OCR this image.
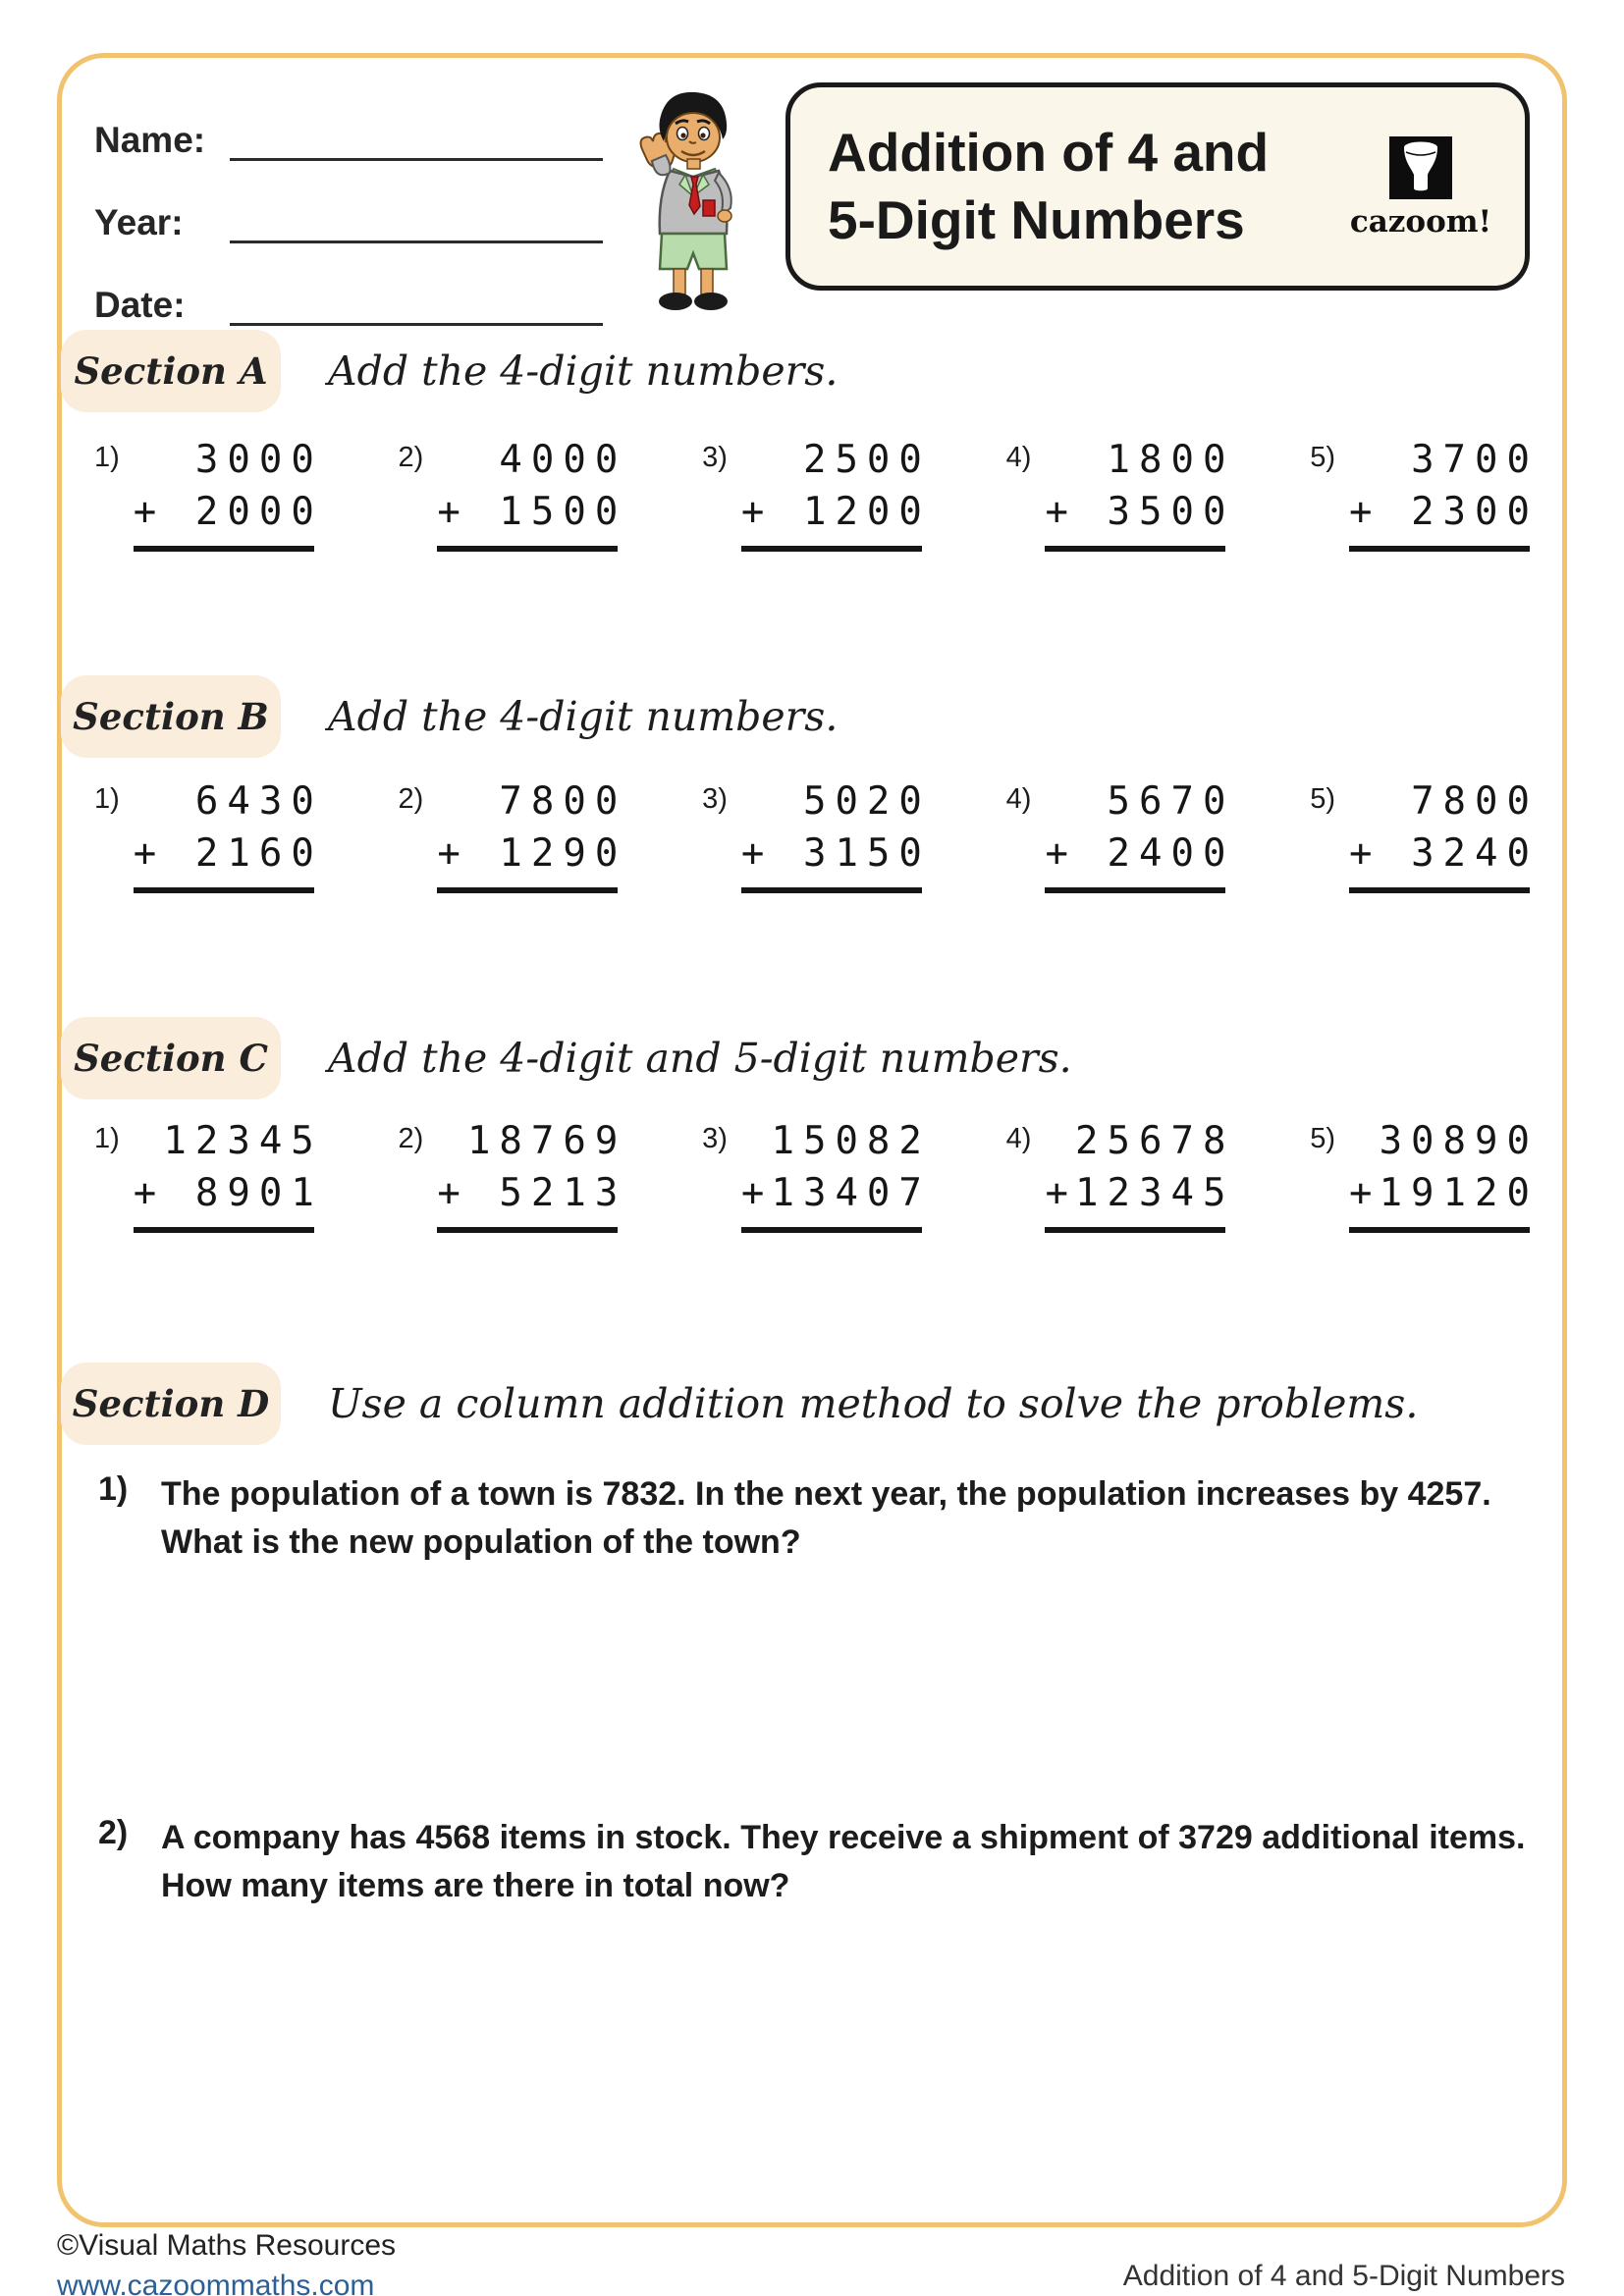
Name:
Year:
Date:
Addition of 4 and
5-Digit Numbers	cazoom!
Section A	Add the 4-digit numbers.
1)	3000
+	2000
2)	4000
+	1500
3)	2500
+	1200
4)	1800
+	3500
5)	3700
+	2300
Section B Add the 4-digit numbers.
1)	6430
+	2160
2)	7800
+	1290
3)	5020
+	3150
4)	5670
+	2400
5)	7800
+	3240
Section C	Add the 4-digit and 5-digit numbers.
1)	12345
+	8901
2)	18769
+	5213
3)	15082
+ 13407
4)	25678
+ 12345
5)	30890
+ 19120
Section D Use a column addition method to solve the problems.
1) The population of a town is 7832. In the next year, the population increases by 4257. What is the new population of the town?
2) A company has 4568 items in stock. They receive a shipment of 3729 additional items. How many items are there in total now?
©Visual Maths Resources
www.cazoommaths.com	Addition of 4 and 5-Digit Numbers
